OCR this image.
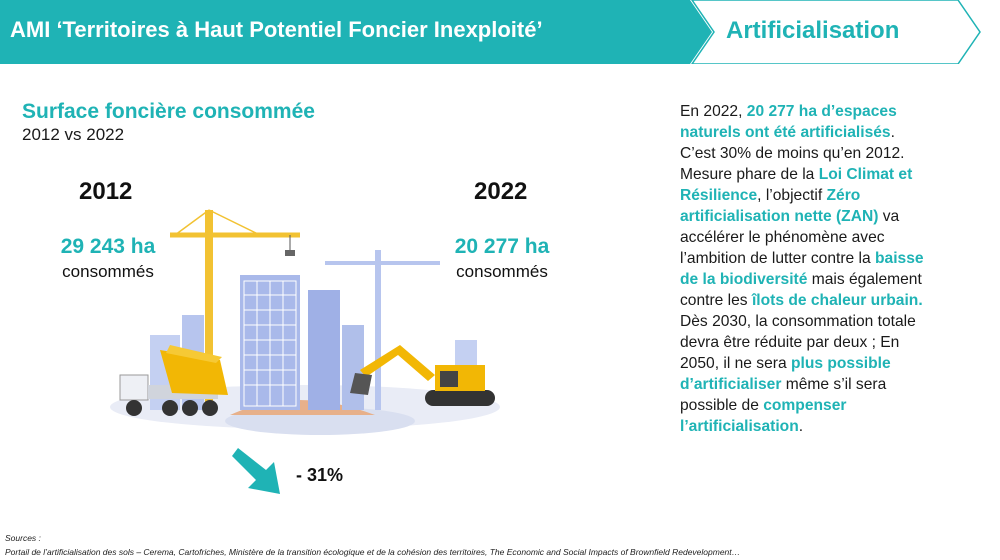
AMI ‘Territoires à Haut Potentiel Foncier Inexploité’	Artificialisation
Surface foncière consommée
2012 vs 2022
2012	2022
29 243 ha
consommés
20 277 ha
consommés
- 31%
En 2022, 20 277 ha d’espaces naturels ont été artificialisés. C’est 30% de moins qu’en 2012.
Mesure phare de la Loi Climat et Résilience, l’objectif Zéro artificialisation nette (ZAN) va accélérer le phénomène avec l’ambition de lutter contre la baisse de la biodiversité mais également contre les îlots de chaleur urbain.
Dès 2030, la consommation totale devra être réduite par deux ; En 2050, il ne sera plus possible d’artificialiser même s’il sera possible de compenser l’artificialisation.
Sources :
Portail de l’artificialisation des sols – Cerema, Cartofriches, Ministère de la transition écologique et de la cohésion des territoires, The Economic and Social Impacts of Brownfield Redevelopment…
